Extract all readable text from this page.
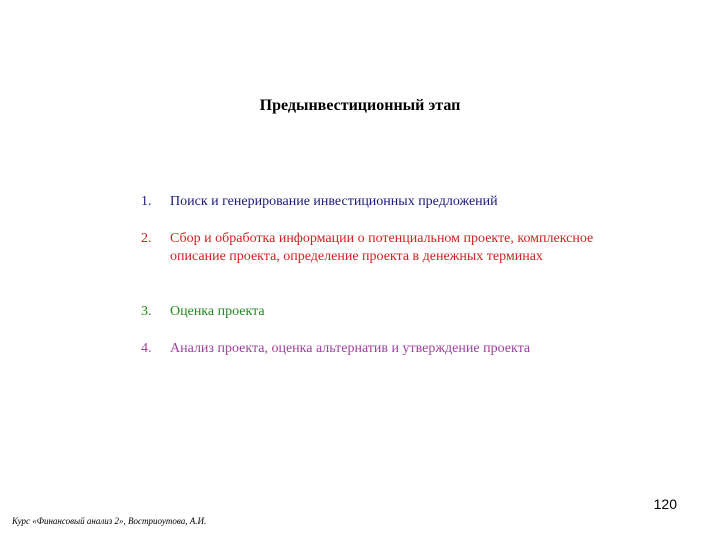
Предынвестиционный этап
1.	Поиск и генерирование инвестиционных предложений
2.	Сбор и обработка информации о потенциальном проекте, комплексное описание проекта, определение проекта в денежных терминах
3.	Оценка проекта
4.	Анализ проекта, оценка альтернатив и утверждение проекта
120
Курс «Финансовый анализ 2», Востриоутова, А.И.
